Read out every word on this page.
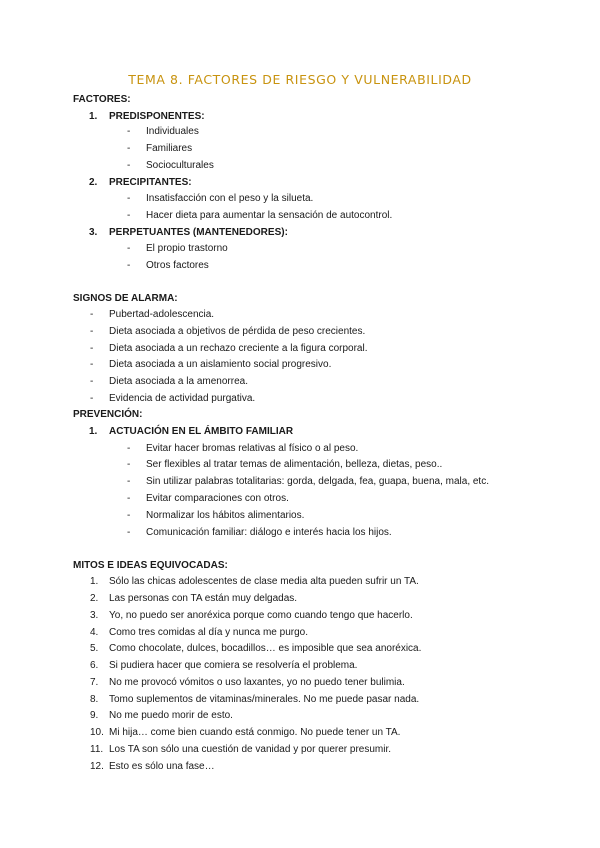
TEMA 8. FACTORES DE RIESGO Y VULNERABILIDAD
FACTORES:
1. PREDISPONENTES:
- Individuales
- Familiares
- Socioculturales
2. PRECIPITANTES:
- Insatisfacción con el peso y la silueta.
- Hacer dieta para aumentar la sensación de autocontrol.
3. PERPETUANTES (MANTENEDORES):
- El propio trastorno
- Otros factores
SIGNOS DE ALARMA:
- Pubertad-adolescencia.
- Dieta asociada a objetivos de pérdida de peso crecientes.
- Dieta asociada a un rechazo creciente a la figura corporal.
- Dieta asociada a un aislamiento social progresivo.
- Dieta asociada a la amenorrea.
- Evidencia de actividad purgativa.
PREVENCIÓN:
1. ACTUACIÓN EN EL ÁMBITO FAMILIAR
- Evitar hacer bromas relativas al físico o al peso.
- Ser flexibles al tratar temas de alimentación, belleza, dietas, peso..
- Sin utilizar palabras totalitarias: gorda, delgada, fea, guapa, buena, mala, etc.
- Evitar comparaciones con otros.
- Normalizar los hábitos alimentarios.
- Comunicación familiar: diálogo e interés hacia los hijos.
MITOS E IDEAS EQUIVOCADAS:
1. Sólo las chicas adolescentes de clase media alta pueden sufrir un TA.
2. Las personas con TA están muy delgadas.
3. Yo, no puedo ser anoréxica porque como cuando tengo que hacerlo.
4. Como tres comidas al día y nunca me purgo.
5. Como chocolate, dulces, bocadillos… es imposible que sea anoréxica.
6. Si pudiera hacer que comiera se resolvería el problema.
7. No me provocó vómitos o uso laxantes, yo no puedo tener bulimia.
8. Tomo suplementos de vitaminas/minerales. No me puede pasar nada.
9. No me puedo morir de esto.
10. Mi hija… come bien cuando está conmigo. No puede tener un TA.
11. Los TA son sólo una cuestión de vanidad y por querer presumir.
12. Esto es sólo una fase…
